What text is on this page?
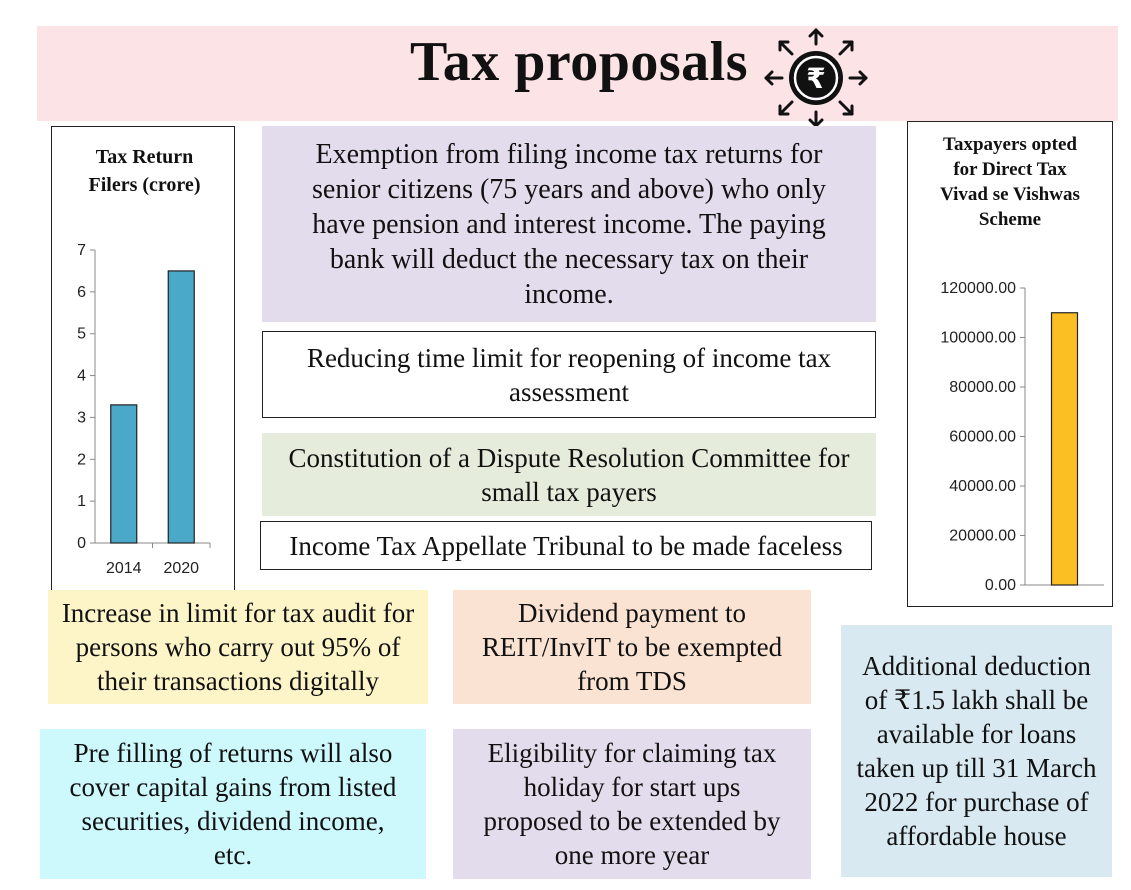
Tax proposals ₹
Tax Return Filers (crore)
0
1
2
3
4
5
6
7
2014 2020
Taxpayers opted for Direct Tax Vivad se Vishwas Scheme
0.00
20000.00
40000.00
60000.00
80000.00
100000.00
120000.00
Exemption from filing income tax returns for senior citizens (75 years and above) who only have pension and interest income. The paying bank will deduct the necessary tax on their income.
Reducing time limit for reopening of income tax assessment
Constitution of a Dispute Resolution Committee for small tax payers
Income Tax Appellate Tribunal to be made faceless
Increase in limit for tax audit for persons who carry out 95% of their transactions digitally
Dividend payment to REIT/InvIT to be exempted from TDS
Pre filling of returns will also cover capital gains from listed securities, dividend income, etc.
Eligibility for claiming tax holiday for start ups proposed to be extended by one more year
Additional deduction of ₹1.5 lakh shall be available for loans taken up till 31 March 2022 for purchase of affordable house
